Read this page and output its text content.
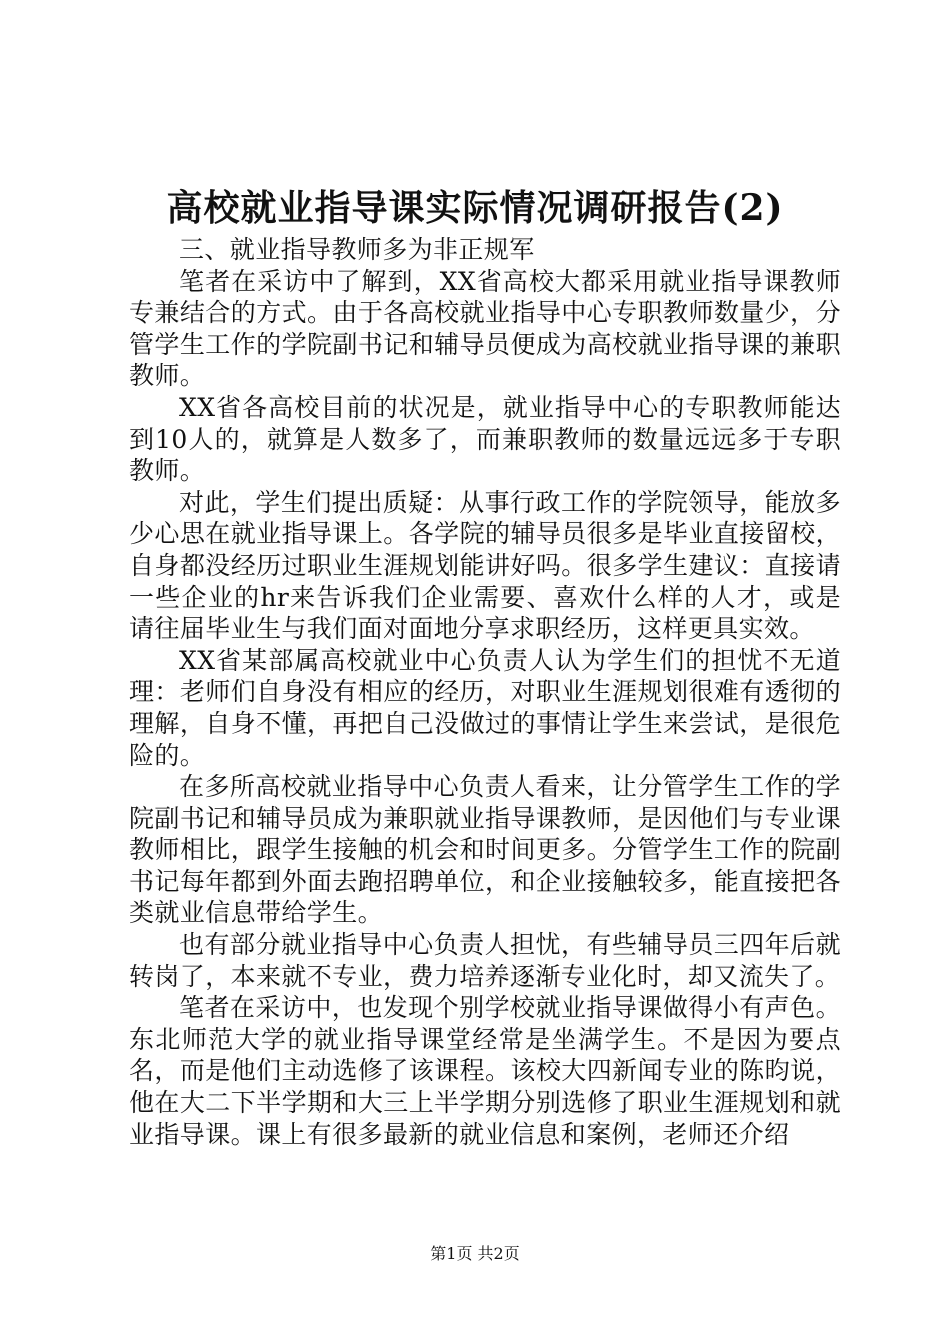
高校就业指导课实际情况调研报告(2)

三、就业指导教师多为非正规军

笔者在采访中了解到，XX省高校大都采用就业指导课教师专兼结合的方式。由于各高校就业指导中心专职教师数量少，分管学生工作的学院副书记和辅导员便成为高校就业指导课的兼职教师。

XX省各高校目前的状况是，就业指导中心的专职教师能达到10人的，就算是人数多了，而兼职教师的数量远远多于专职教师。

对此，学生们提出质疑：从事行政工作的学院领导，能放多少心思在就业指导课上。各学院的辅导员很多是毕业直接留校，自身都没经历过职业生涯规划能讲好吗。很多学生建议：直接请一些企业的hr来告诉我们企业需要、喜欢什么样的人才，或是请往届毕业生与我们面对面地分享求职经历，这样更具实效。

XX省某部属高校就业中心负责人认为学生们的担忧不无道理：老师们自身没有相应的经历，对职业生涯规划很难有透彻的理解，自身不懂，再把自己没做过的事情让学生来尝试，是很危险的。

在多所高校就业指导中心负责人看来，让分管学生工作的学院副书记和辅导员成为兼职就业指导课教师，是因他们与专业课教师相比，跟学生接触的机会和时间更多。分管学生工作的院副书记每年都到外面去跑招聘单位，和企业接触较多，能直接把各类就业信息带给学生。

也有部分就业指导中心负责人担忧，有些辅导员三四年后就转岗了，本来就不专业，费力培养逐渐专业化时，却又流失了。

笔者在采访中，也发现个别学校就业指导课做得小有声色。东北师范大学的就业指导课堂经常是坐满学生。不是因为要点名，而是他们主动选修了该课程。该校大四新闻专业的陈昀说，他在大二下半学期和大三上半学期分别选修了职业生涯规划和就业指导课。课上有很多最新的就业信息和案例，老师还介绍

第1页 共2页
